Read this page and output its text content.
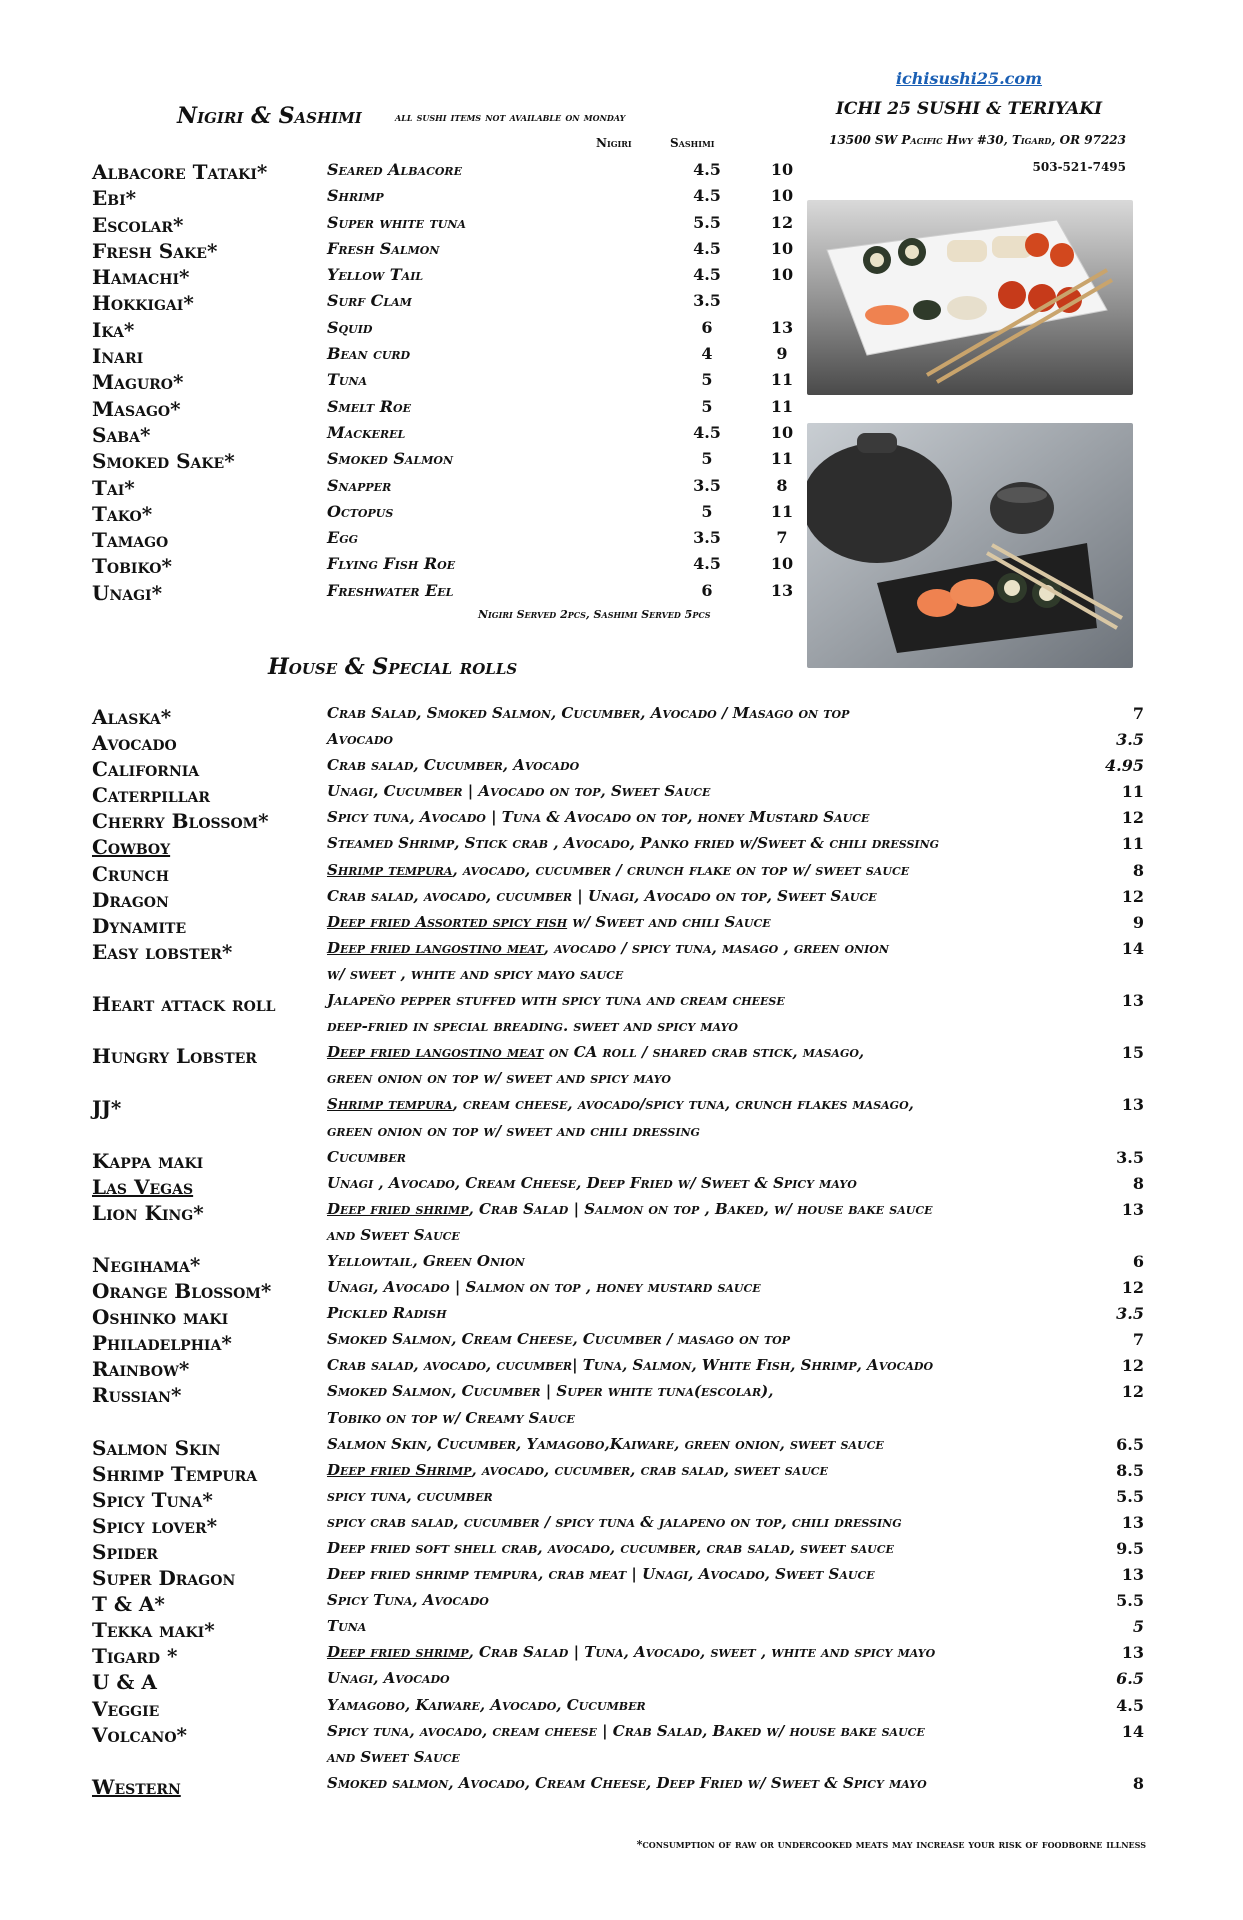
ichisushi25.com
ICHI 25 SUSHI & TERIYAKI
13500 SW Pacific Hwy #30, Tigard, OR 97223
503-521-7495
Nigiri & Sashimi	all sushi items not available on monday
Nigiri	Sashimi
Albacore Tataki*	Seared Albacore	4.5	10
Ebi*	Shrimp	4.5	10
Escolar*	Super white tuna	5.5	12
Fresh Sake*	Fresh Salmon	4.5	10
Hamachi*	Yellow Tail	4.5	10
Hokkigai*	Surf Clam	3.5
Ika*	Squid	6	13
Inari	Bean curd	4	9
Maguro*	Tuna	5	11
Masago*	Smelt Roe	5	11
Saba*	Mackerel	4.5	10
Smoked Sake*	Smoked Salmon	5	11
Tai*	Snapper	3.5	8
Tako*	Octopus	5	11
Tamago	Egg	3.5	7
Tobiko*	Flying Fish Roe	4.5	10
Unagi*	Freshwater Eel	6	13
Nigiri Served 2pcs, Sashimi Served 5pcs
House & Special rolls
Alaska*	Crab Salad, Smoked Salmon, Cucumber, Avocado / Masago on top	7
Avocado	Avocado	3.5
California	Crab salad, Cucumber, Avocado	4.95
Caterpillar	Unagi, Cucumber | Avocado on top, Sweet Sauce	11
Cherry Blossom*	Spicy tuna, Avocado | Tuna & Avocado on top, honey Mustard Sauce	12
Cowboy	Steamed Shrimp, Stick crab , Avocado, Panko fried w/Sweet & chili dressing	11
Crunch	Shrimp tempura, avocado, cucumber / crunch flake on top w/ sweet sauce	8
Dragon	Crab salad, avocado, cucumber | Unagi, Avocado on top, Sweet Sauce	12
Dynamite	Deep fried Assorted spicy fish w/ Sweet and chili Sauce	9
Easy lobster*	Deep fried langostino meat, avocado / spicy tuna, masago , green onion	14
w/ sweet , white and spicy mayo sauce
Heart attack roll	Jalapeño pepper stuffed with spicy tuna and cream cheese	13
deep-fried in special breading. sweet and spicy mayo
Hungry Lobster	Deep fried langostino meat on CA roll / shared crab stick, masago,	15
green onion on top w/ sweet and spicy mayo
JJ*	Shrimp tempura, cream cheese, avocado/spicy tuna, crunch flakes masago,	13
green onion on top w/ sweet and chili dressing
Kappa maki	Cucumber	3.5
Las Vegas	Unagi , Avocado, Cream Cheese, Deep Fried w/ Sweet & Spicy mayo	8
Lion King*	Deep fried shrimp, Crab Salad | Salmon on top , Baked, w/ house bake sauce	13
and Sweet Sauce
Negihama*	Yellowtail, Green Onion	6
Orange Blossom*	Unagi, Avocado | Salmon on top , honey mustard sauce	12
Oshinko maki	Pickled Radish	3.5
Philadelphia*	Smoked Salmon, Cream Cheese, Cucumber / masago on top	7
Rainbow*	Crab salad, avocado, cucumber| Tuna, Salmon, White Fish, Shrimp, Avocado	12
Russian*	Smoked Salmon, Cucumber | Super white tuna(escolar),	12
Tobiko on top w/ Creamy Sauce
Salmon Skin	Salmon Skin, Cucumber, Yamagobo,Kaiware, green onion, sweet sauce	6.5
Shrimp Tempura	Deep fried Shrimp, avocado, cucumber, crab salad, sweet sauce	8.5
Spicy Tuna*	spicy tuna, cucumber	5.5
Spicy lover*	spicy crab salad, cucumber / spicy tuna & jalapeno on top, chili dressing	13
Spider	Deep fried soft shell crab, avocado, cucumber, crab salad, sweet sauce	9.5
Super Dragon	Deep fried shrimp tempura, crab meat | Unagi, Avocado, Sweet Sauce	13
T & A*	Spicy Tuna, Avocado	5.5
Tekka maki*	Tuna	5
Tigard *	Deep fried shrimp, Crab Salad | Tuna, Avocado, sweet , white and spicy mayo	13
U & A	Unagi, Avocado	6.5
Veggie	Yamagobo, Kaiware, Avocado, Cucumber	4.5
Volcano*	Spicy tuna, avocado, cream cheese | Crab Salad, Baked w/ house bake sauce	14
and Sweet Sauce
Western	Smoked salmon, Avocado, Cream Cheese, Deep Fried w/ Sweet & Spicy mayo	8
*consumption of raw or undercooked meats may increase your risk of foodborne illness
